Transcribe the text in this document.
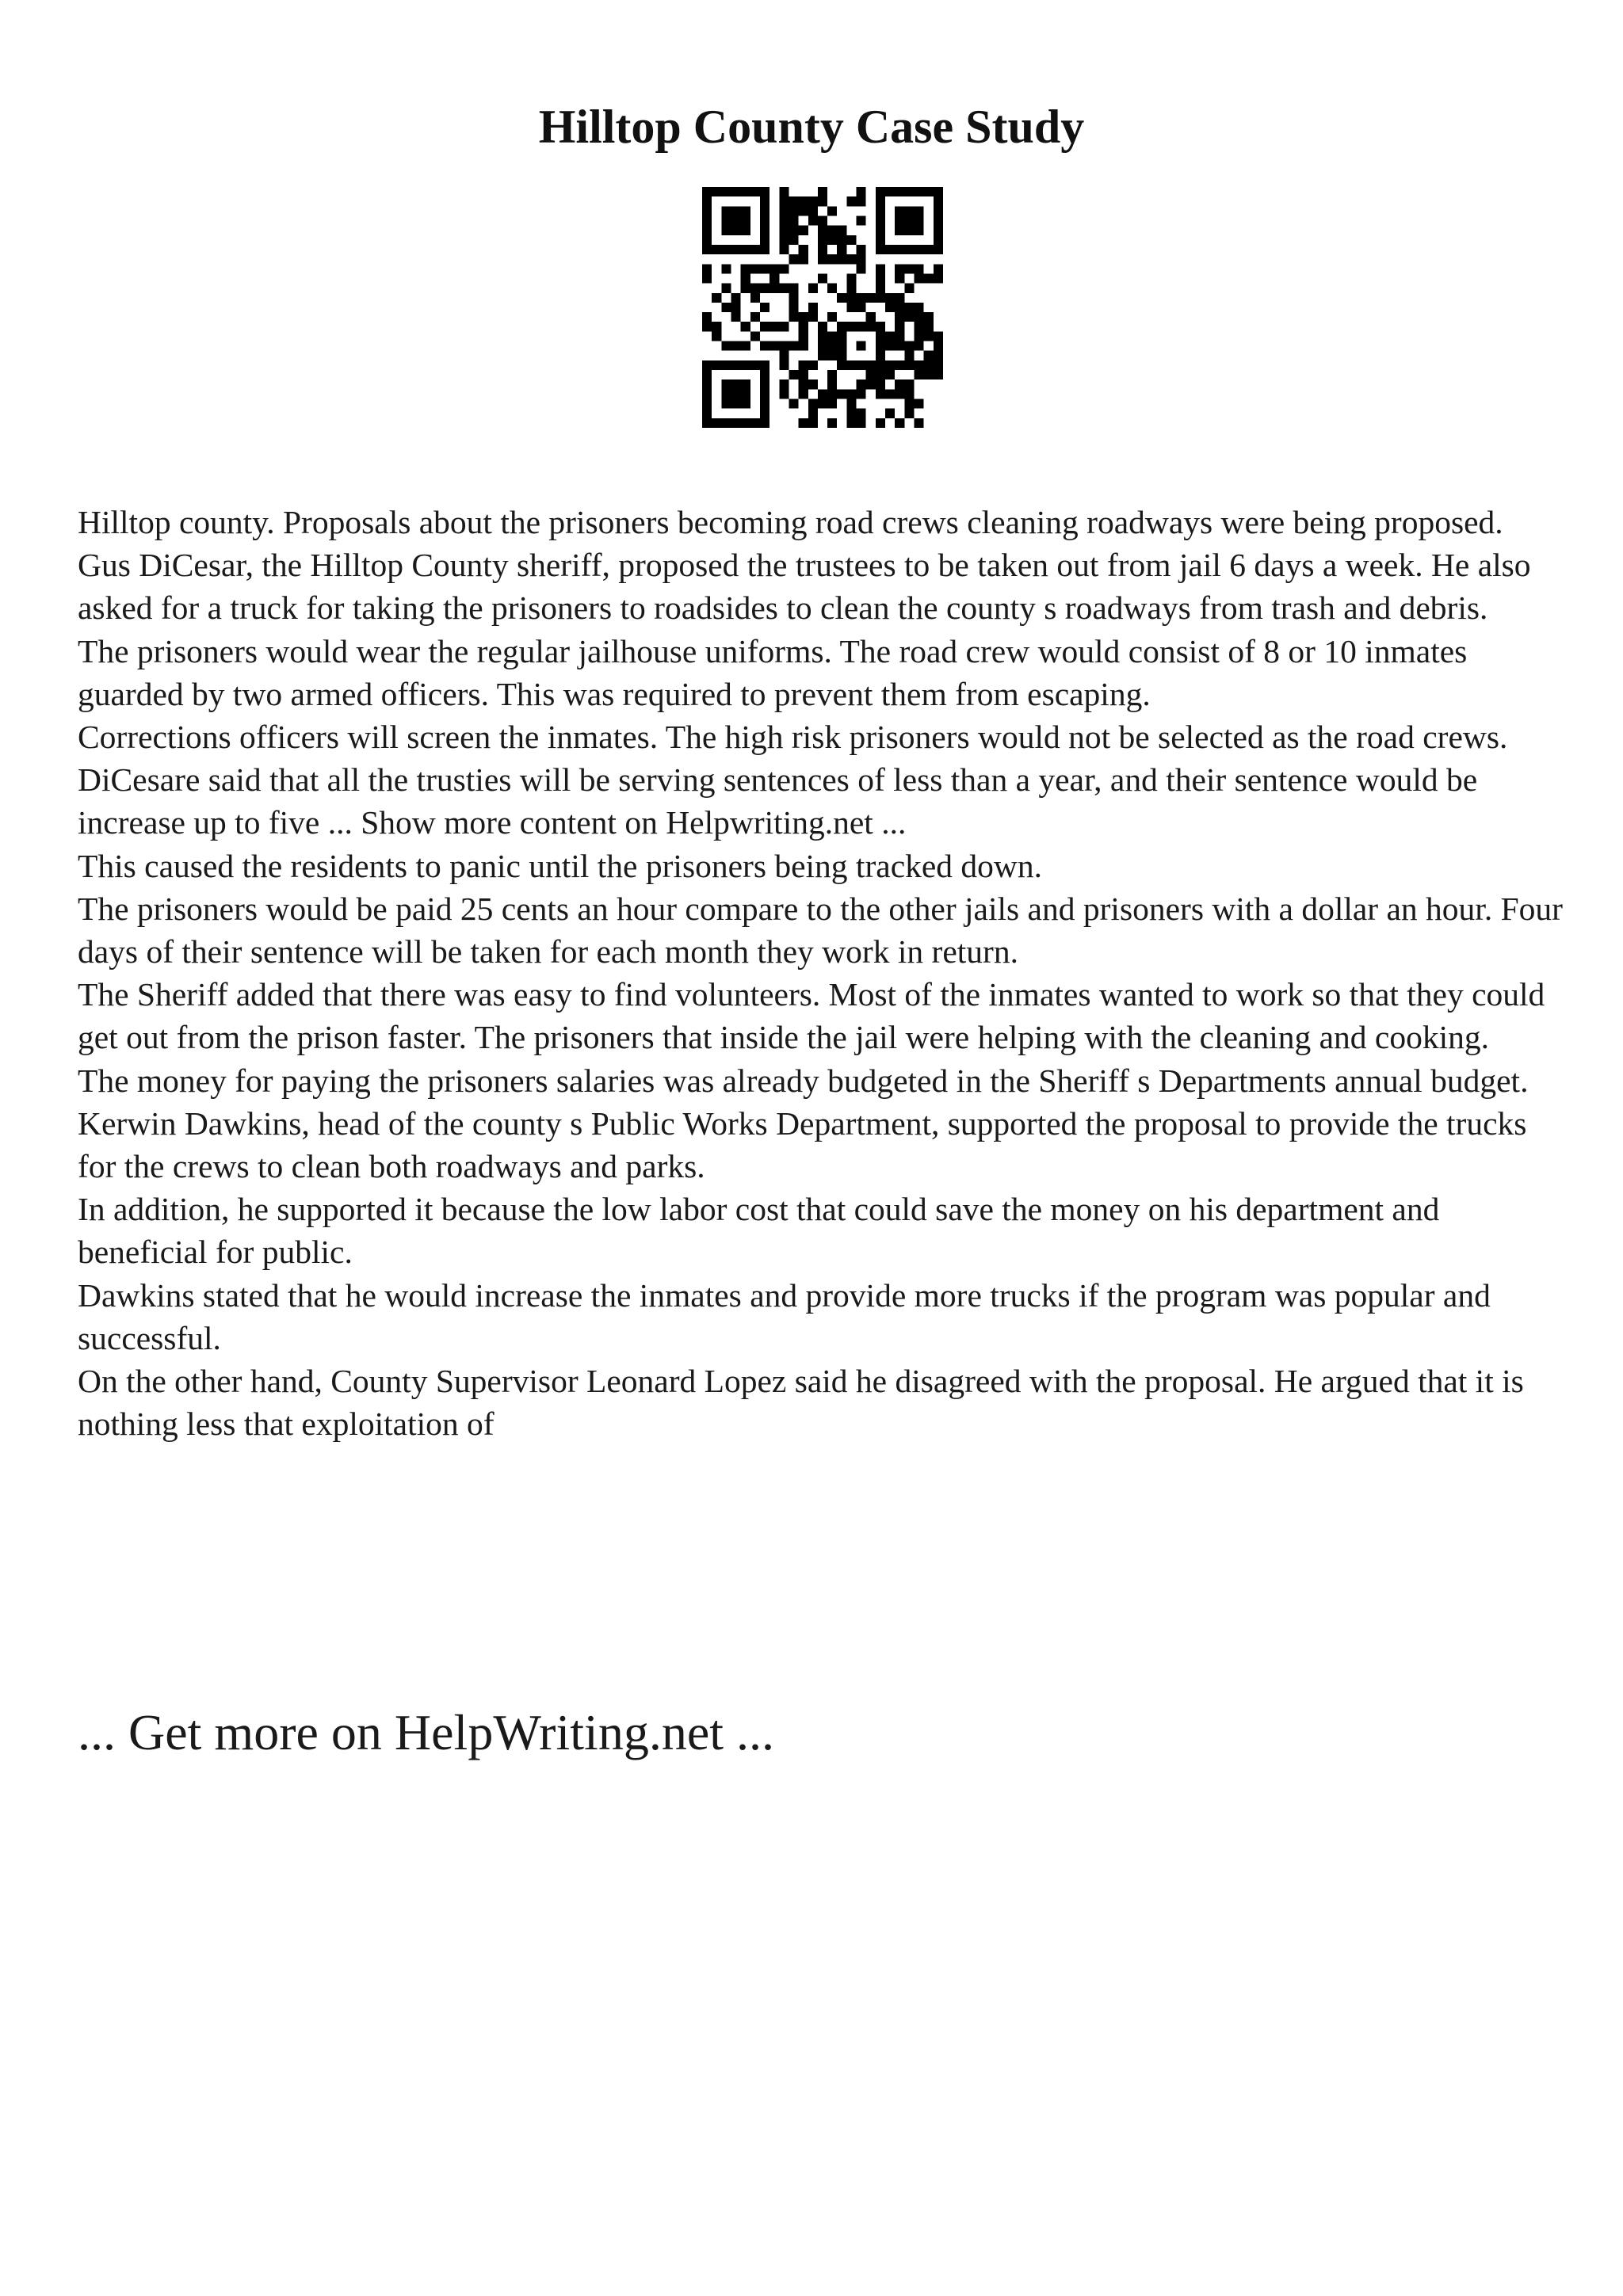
Hilltop County Case Study

Hilltop county. Proposals about the prisoners becoming road crews cleaning roadways were being proposed.

Gus DiCesar, the Hilltop County sheriff, proposed the trustees to be taken out from jail 6 days a week. He also asked for a truck for taking the prisoners to roadsides to clean the county s roadways from trash and debris.

The prisoners would wear the regular jailhouse uniforms. The road crew would consist of 8 or 10 inmates guarded by two armed officers. This was required to prevent them from escaping.

Corrections officers will screen the inmates. The high risk prisoners would not be selected as the road crews.

DiCesare said that all the trusties will be serving sentences of less than a year, and their sentence would be increase up to five ... Show more content on Helpwriting.net ...

This caused the residents to panic until the prisoners being tracked down.

The prisoners would be paid 25 cents an hour compare to the other jails and prisoners with a dollar an hour. Four days of their sentence will be taken for each month they work in return.

The Sheriff added that there was easy to find volunteers. Most of the inmates wanted to work so that they could get out from the prison faster. The prisoners that inside the jail were helping with the cleaning and cooking.

The money for paying the prisoners salaries was already budgeted in the Sheriff s Departments annual budget.

Kerwin Dawkins, head of the county s Public Works Department, supported the proposal to provide the trucks for the crews to clean both roadways and parks.

In addition, he supported it because the low labor cost that could save the money on his department and beneficial for public.

Dawkins stated that he would increase the inmates and provide more trucks if the program was popular and successful.

On the other hand, County Supervisor Leonard Lopez said he disagreed with the proposal. He argued that it is nothing less that exploitation of

... Get more on HelpWriting.net ...
